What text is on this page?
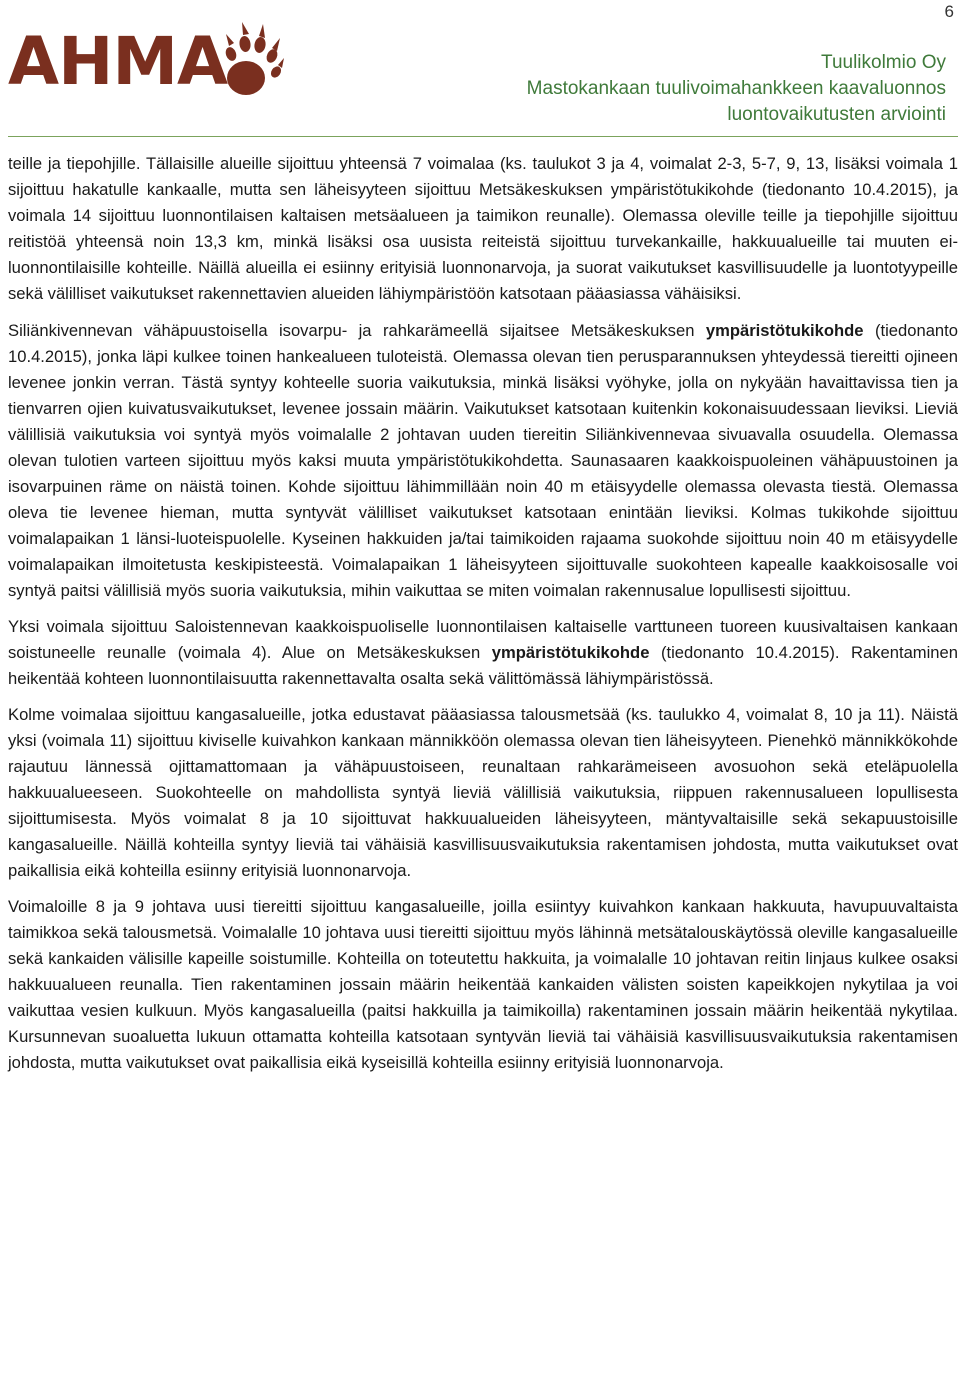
AHMA
6
Tuulikolmio Oy
Mastokankaan tuulivoimahankkeen kaavaluonnos
luontovaikutusten arviointi

teille ja tiepohjille. Tällaisille alueille sijoittuu yhteensä 7 voimalaa (ks. taulukot 3 ja 4, voimalat 2-3, 5-7, 9, 13, lisäksi voimala 1 sijoittuu hakatulle kankaalle, mutta sen läheisyyteen sijoittuu Metsäkeskuksen ympäristötukikohde (tiedonanto 10.4.2015), ja voimala 14 sijoittuu luonnontilaisen kaltaisen metsäalueen ja taimikon reunalle). Olemassa oleville teille ja tiepohjille sijoittuu reitistöä yhteensä noin 13,3 km, minkä lisäksi osa uusista reiteistä sijoittuu turvekankaille, hakkuualueille tai muuten ei-luonnontilaisille kohteille. Näillä alueilla ei esiinny erityisiä luonnonarvoja, ja suorat vaikutukset kasvillisuudelle ja luontotyypeille sekä välilliset vaikutukset rakennettavien alueiden lähiympäristöön katsotaan pääasiassa vähäisiksi.

Siliänkivennevan vähäpuustoisella isovarpu- ja rahkarämeellä sijaitsee Metsäkeskuksen ympäristötukikohde (tiedonanto 10.4.2015), jonka läpi kulkee toinen hankealueen tuloteistä. Olemassa olevan tien perusparannuksen yhteydessä tiereitti ojineen levenee jonkin verran. Tästä syntyy kohteelle suoria vaikutuksia, minkä lisäksi vyöhyke, jolla on nykyään havaittavissa tien ja tienvarren ojien kuivatusvaikutukset, levenee jossain määrin. Vaikutukset katsotaan kuitenkin kokonaisuudessaan lieviksi. Lieviä välillisiä vaikutuksia voi syntyä myös voimalalle 2 johtavan uuden tiereitin Siliänkivennevaa sivuavalla osuudella. Olemassa olevan tulotien varteen sijoittuu myös kaksi muuta ympäristötukikohdetta. Saunasaaren kaakkoispuoleinen vähäpuustoinen ja isovarpuinen räme on näistä toinen. Kohde sijoittuu lähimmillään noin 40 m etäisyydelle olemassa olevasta tiestä. Olemassa oleva tie levenee hieman, mutta syntyvät välilliset vaikutukset katsotaan enintään lieviksi. Kolmas tukikohde sijoittuu voimalapaikan 1 länsi-luoteispuolelle. Kyseinen hakkuiden ja/tai taimikoiden rajaama suokohde sijoittuu noin 40 m etäisyydelle voimalapaikan ilmoitetusta keskipisteestä. Voimalapaikan 1 läheisyyteen sijoittuvalle suokohteen kapealle kaakkoisosalle voi syntyä paitsi välillisiä myös suoria vaikutuksia, mihin vaikuttaa se miten voimalan rakennusalue lopullisesti sijoittuu.

Yksi voimala sijoittuu Saloistennevan kaakkoispuoliselle luonnontilaisen kaltaiselle varttuneen tuoreen kuusivaltaisen kankaan soistuneelle reunalle (voimala 4). Alue on Metsäkeskuksen ympäristötukikohde (tiedonanto 10.4.2015). Rakentaminen heikentää kohteen luonnontilaisuutta rakennettavalta osalta sekä välittömässä lähiympäristössä.

Kolme voimalaa sijoittuu kangasalueille, jotka edustavat pääasiassa talousmetsää (ks. taulukko 4, voimalat 8, 10 ja 11). Näistä yksi (voimala 11) sijoittuu kiviselle kuivahkon kankaan männikköön olemassa olevan tien läheisyyteen. Pienehkö männikkökohde rajautuu lännessä ojittamattomaan ja vähäpuustoiseen, reunaltaan rahkarämeiseen avosuohon sekä eteläpuolella hakkuualueeseen. Suokohteelle on mahdollista syntyä lieviä välillisiä vaikutuksia, riippuen rakennusalueen lopullisesta sijoittumisesta. Myös voimalat 8 ja 10 sijoittuvat hakkuualueiden läheisyyteen, mäntyvaltaisille sekä sekapuustoisille kangasalueille. Näillä kohteilla syntyy lieviä tai vähäisiä kasvillisuusvaikutuksia rakentamisen johdosta, mutta vaikutukset ovat paikallisia eikä kohteilla esiinny erityisiä luonnonarvoja.

Voimaloille 8 ja 9 johtava uusi tiereitti sijoittuu kangasalueille, joilla esiintyy kuivahkon kankaan hakkuuta, havupuuvaltaista taimikkoa sekä talousmetsä. Voimalalle 10 johtava uusi tiereitti sijoittuu myös lähinnä metsätalouskäytössä oleville kangasalueille sekä kankaiden välisille kapeille soistumille. Kohteilla on toteutettu hakkuita, ja voimalalle 10 johtavan reitin linjaus kulkee osaksi hakkuualueen reunalla. Tien rakentaminen jossain määrin heikentää kankaiden välisten soisten kapeikkojen nykytilaa ja voi vaikuttaa vesien kulkuun. Myös kangasalueilla (paitsi hakkuilla ja taimikoilla) rakentaminen jossain määrin heikentää nykytilaa. Kursunnevan suoaluetta lukuun ottamatta kohteilla katsotaan syntyvän lieviä tai vähäisiä kasvillisuusvaikutuksia rakentamisen johdosta, mutta vaikutukset ovat paikallisia eikä kyseisillä kohteilla esiinny erityisiä luonnonarvoja.
